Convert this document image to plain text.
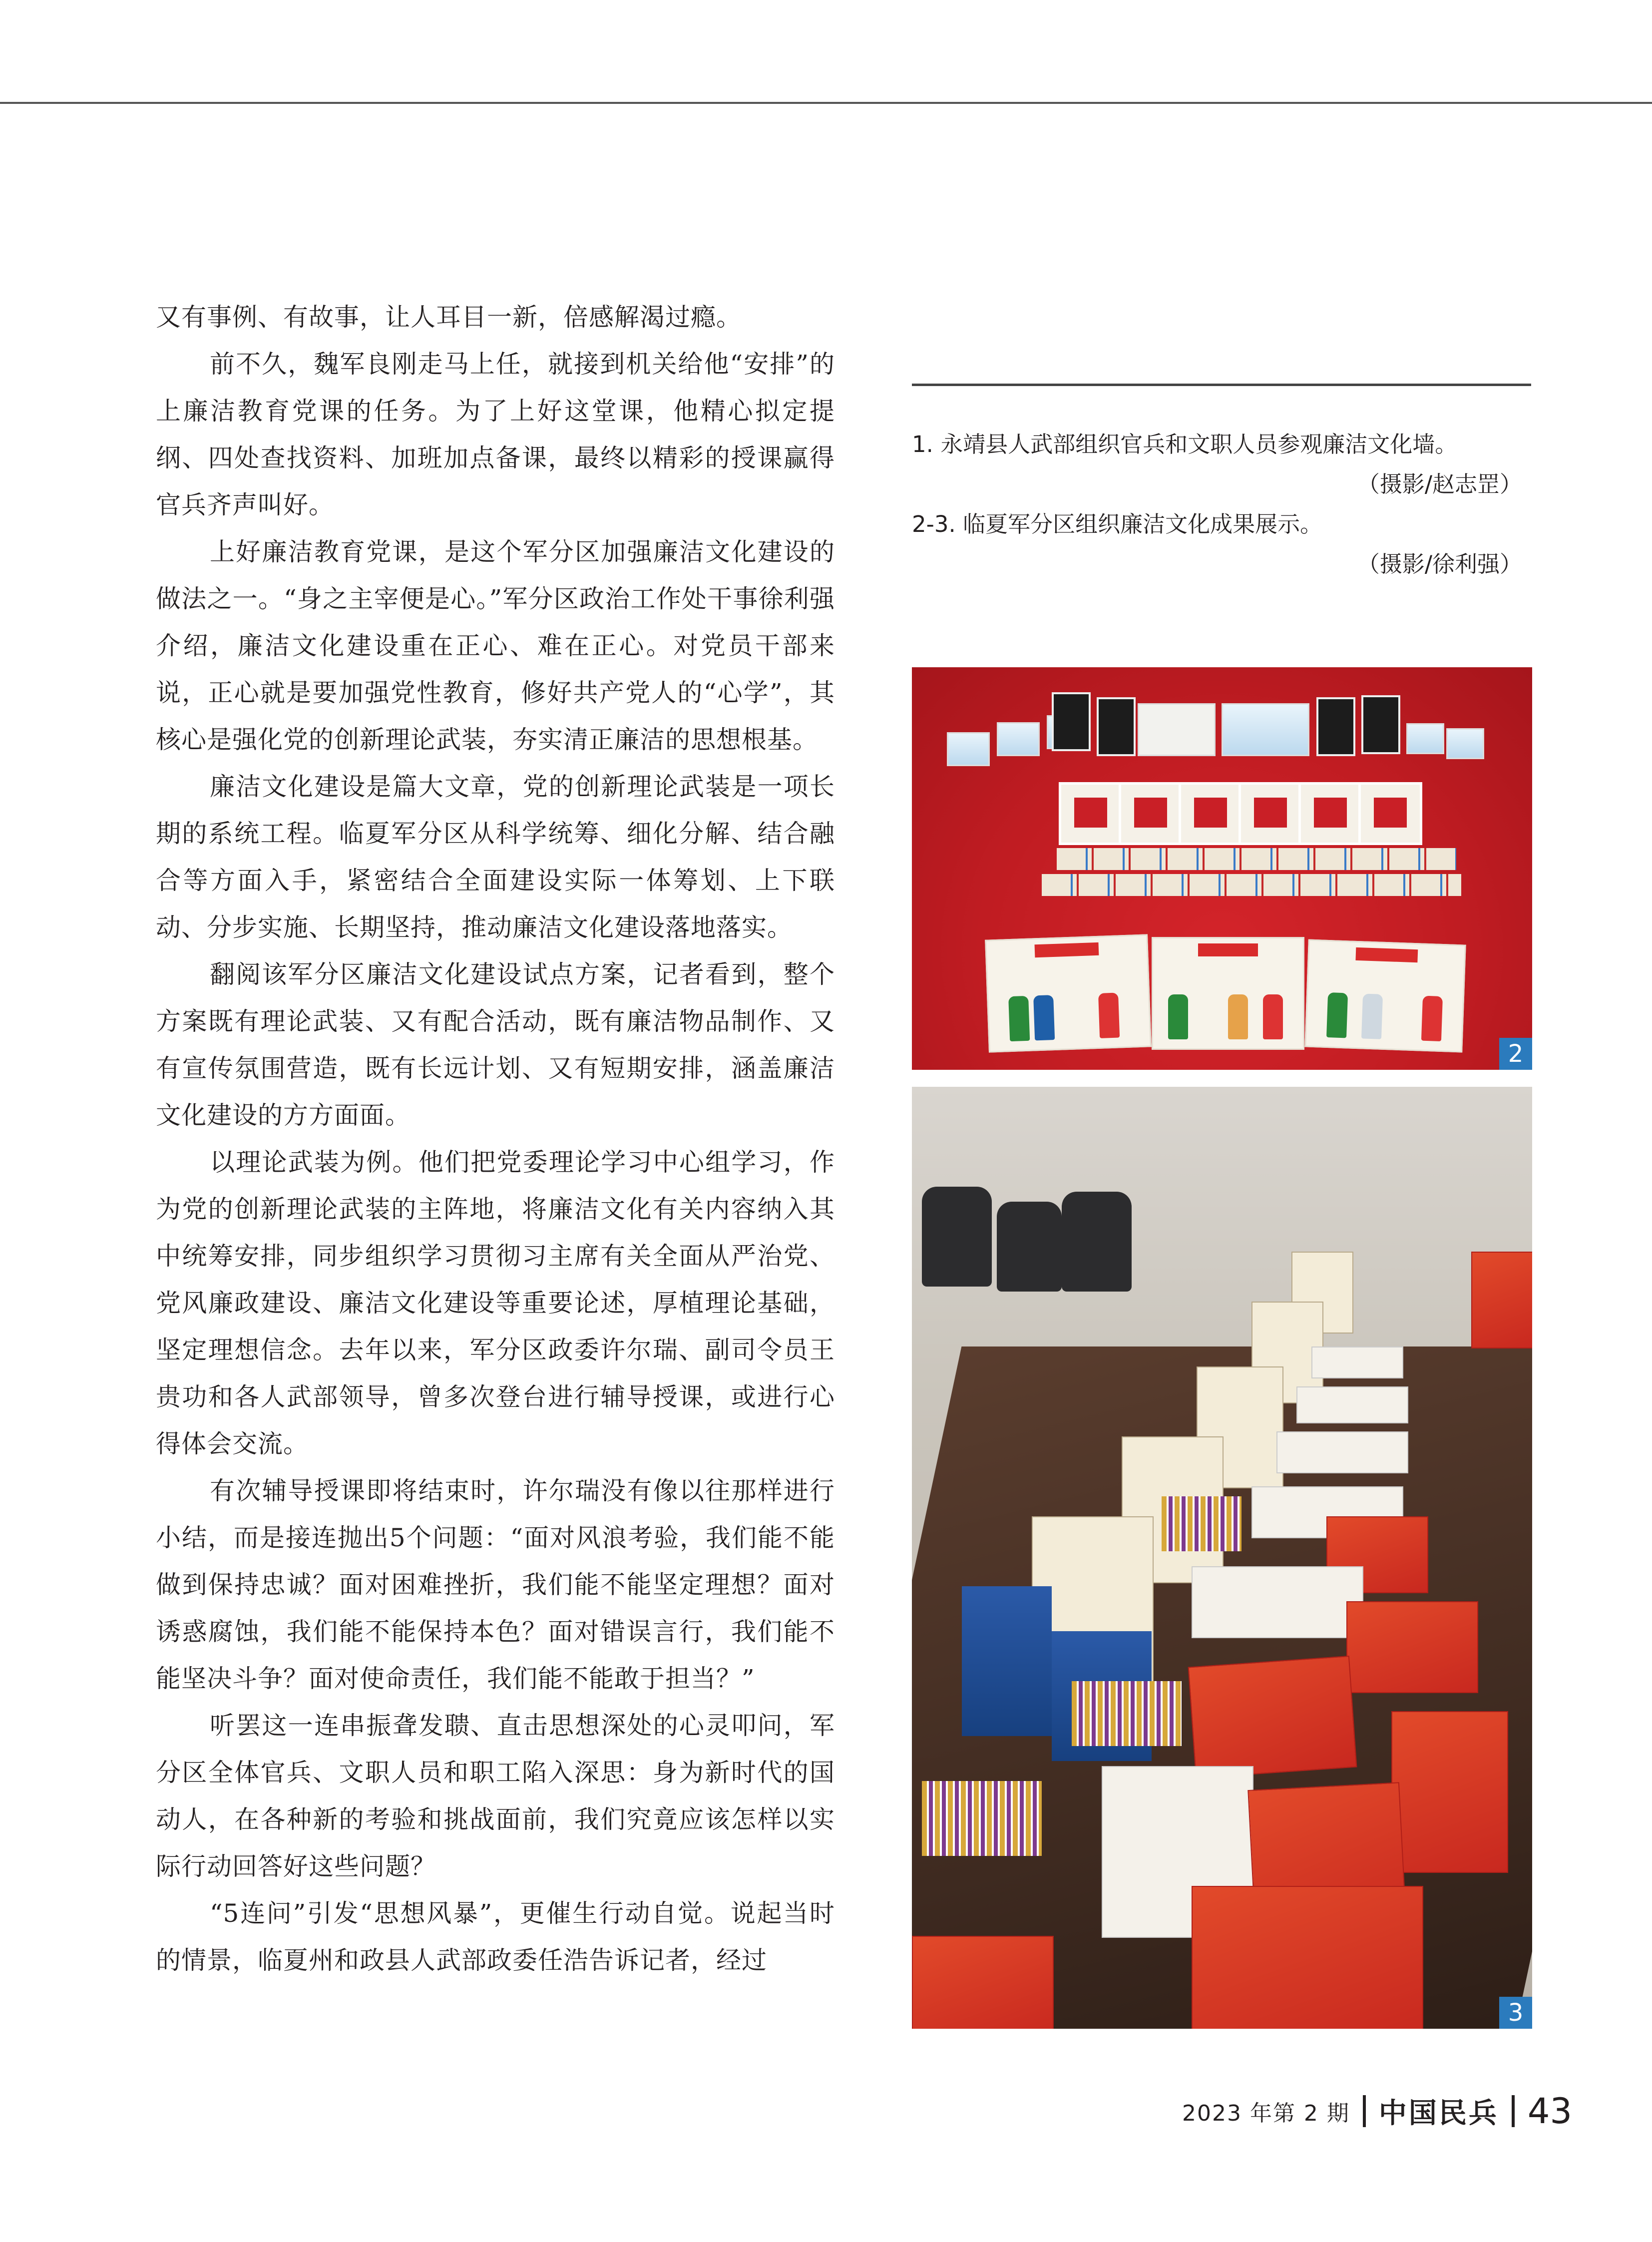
又有事例、有故事，让人耳目一新，倍感解渴过瘾。

前不久，魏军良刚走马上任，就接到机关给他“安排”的上廉洁教育党课的任务。为了上好这堂课，他精心拟定提纲、四处查找资料、加班加点备课，最终以精彩的授课赢得官兵齐声叫好。

上好廉洁教育党课，是这个军分区加强廉洁文化建设的做法之一。“身之主宰便是心。”军分区政治工作处干事徐利强介绍，廉洁文化建设重在正心、难在正心。对党员干部来说，正心就是要加强党性教育，修好共产党人的“心学”，其核心是强化党的创新理论武装，夯实清正廉洁的思想根基。

廉洁文化建设是篇大文章，党的创新理论武装是一项长期的系统工程。临夏军分区从科学统筹、细化分解、结合融合等方面入手，紧密结合全面建设实际一体筹划、上下联动、分步实施、长期坚持，推动廉洁文化建设落地落实。

翻阅该军分区廉洁文化建设试点方案，记者看到，整个方案既有理论武装、又有配合活动，既有廉洁物品制作、又有宣传氛围营造，既有长远计划、又有短期安排，涵盖廉洁文化建设的方方面面。

以理论武装为例。他们把党委理论学习中心组学习，作为党的创新理论武装的主阵地，将廉洁文化有关内容纳入其中统筹安排，同步组织学习贯彻习主席有关全面从严治党、党风廉政建设、廉洁文化建设等重要论述，厚植理论基础，坚定理想信念。去年以来，军分区政委许尔瑞、副司令员王贵功和各人武部领导，曾多次登台进行辅导授课，或进行心得体会交流。

有次辅导授课即将结束时，许尔瑞没有像以往那样进行小结，而是接连抛出5个问题：“面对风浪考验，我们能不能做到保持忠诚？面对困难挫折，我们能不能坚定理想？面对诱惑腐蚀，我们能不能保持本色？面对错误言行，我们能不能坚决斗争？面对使命责任，我们能不能敢于担当？”

听罢这一连串振聋发聩、直击思想深处的心灵叩问，军分区全体官兵、文职人员和职工陷入深思：身为新时代的国动人，在各种新的考验和挑战面前，我们究竟应该怎样以实际行动回答好这些问题？

“5连问”引发“思想风暴”，更催生行动自觉。说起当时的情景，临夏州和政县人武部政委任浩告诉记者，经过

1. 永靖县人武部组织官兵和文职人员参观廉洁文化墙。

（摄影/赵志罡）

2-3. 临夏军分区组织廉洁文化成果展示。

（摄影/徐利强）

2
3
2023 年第 2 期 中国民兵 43
